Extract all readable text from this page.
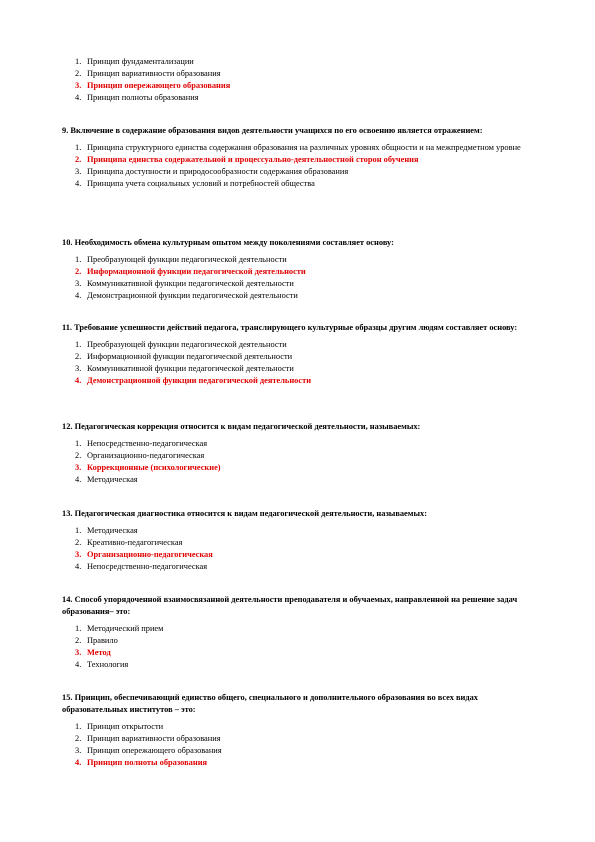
1. Принцип фундаментализации
2. Принцип вариативности образования
3. Принцип опережающего образования
4. Принцип полноты образования

9. Включение в содержание образования видов деятельности учащихся по его освоению является отражением:

1. Принципа структурного единства содержания образования на различных уровнях общности и на межпредметном уровне
2. Принципа единства содержательной и процессуально-деятельностной сторон обучения
3. Принципа доступности и природосообразности содержания образования
4. Принципа учета социальных условий и потребностей общества

10. Необходимость обмена культурным опытом между поколениями составляет основу:

1. Преобразующей функции педагогической деятельности
2. Информационной функции педагогической деятельности
3. Коммуникативной функции педагогической деятельности
4. Демонстрационной функции педагогической деятельности

11. Требование успешности действий педагога, транслирующего культурные образцы другим людям составляет основу:

1. Преобразующей функции педагогической деятельности
2. Информационной функции педагогической деятельности
3. Коммуникативной функции педагогической деятельности
4. Демонстрационной функции педагогической деятельности

12. Педагогическая коррекция относится к видам педагогической деятельности, называемых:

1. Непосредственно-педагогическая
2. Организационно-педагогическая
3. Коррекционные (психологические)
4. Методическая

13. Педагогическая диагностика относится к видам педагогической деятельности, называемых:

1. Методическая
2. Креативно-педагогическая
3. Организационно-педагогическая
4. Непосредственно-педагогическая

14. Способ упорядоченной взаимосвязанной деятельности преподавателя и обучаемых, направленной на решение задач образования– это:

1. Методический прием
2. Правило
3. Метод
4. Технология

15. Принцип, обеспечивающий единство общего, специального и дополнительного образования во всех видах образовательных институтов – это:

1. Принцип открытости
2. Принцип вариативности образования
3. Принцип опережающего образования
4. Принцип полноты образования
